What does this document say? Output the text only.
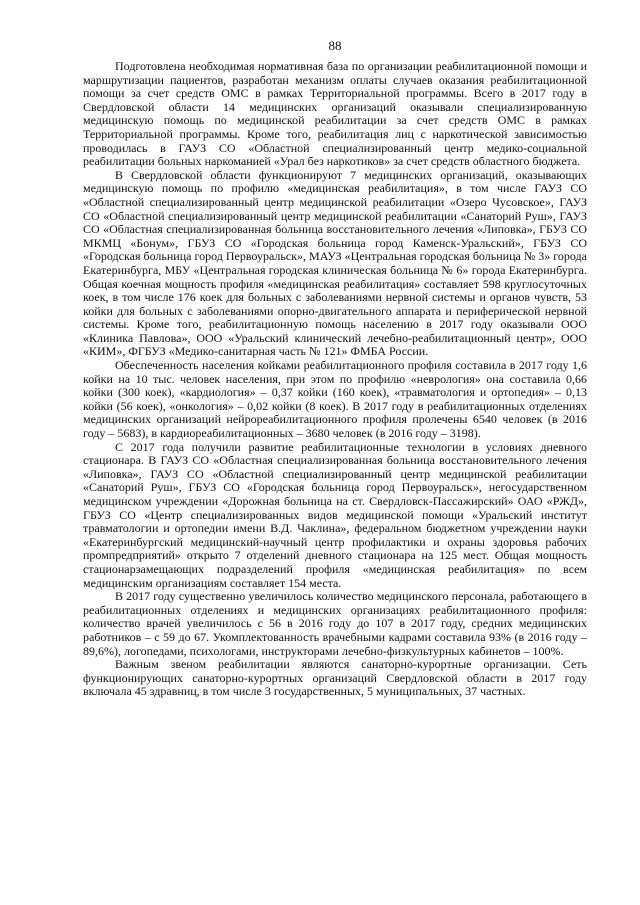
88

Подготовлена необходимая нормативная база по организации реабилитационной помощи и маршрутизации пациентов, разработан механизм оплаты случаев оказания реабилитационной помощи за счет средств ОМС в рамках Территориальной программы. Всего в 2017 году в Свердловской области 14 медицинских организаций оказывали специализированную медицинскую помощь по медицинской реабилитации за счет средств ОМС в рамках Территориальной программы. Кроме того, реабилитация лиц с наркотической зависимостью проводилась в ГАУЗ СО «Областной специализированный центр медико-социальной реабилитации больных наркоманией «Урал без наркотиков» за счет средств областного бюджета.

В Свердловской области функционируют 7 медицинских организаций, оказывающих медицинскую помощь по профилю «медицинская реабилитация», в том числе ГАУЗ СО «Областной специализированный центр медицинской реабилитации «Озеро Чусовское», ГАУЗ СО «Областной специализированный центр медицинской реабилитации «Санаторий Руш», ГАУЗ СО «Областная специализированная больница восстановительного лечения «Липовка», ГБУЗ СО МКМЦ «Бонум», ГБУЗ СО «Городская больница город Каменск-Уральский», ГБУЗ СО «Городская больница город Первоуральск», МАУЗ «Центральная городская больница № 3» города Екатеринбурга, МБУ «Центральная городская клиническая больница № 6» города Екатеринбурга. Общая коечная мощность профиля «медицинская реабилитация» составляет 598 круглосуточных коек, в том числе 176 коек для больных с заболеваниями нервной системы и органов чувств, 53 койки для больных с заболеваниями опорно-двигательного аппарата и периферической нервной системы. Кроме того, реабилитационную помощь населению в 2017 году оказывали ООО «Клиника Павлова», ООО «Уральский клинический лечебно-реабилитационный центр», ООО «КИМ», ФГБУЗ «Медико-санитарная часть № 121» ФМБА России.

Обеспеченность населения койками реабилитационного профиля составила в 2017 году 1,6 койки на 10 тыс. человек населения, при этом по профилю «неврология» она составила 0,66 койки (300 коек), «кардиология» – 0,37 койки (160 коек), «травматология и ортопедия» – 0,13 койки (56 коек), «онкология» – 0,02 койки (8 коек). В 2017 году в реабилитационных отделениях медицинских организаций нейрореабилитационного профиля пролечены 6540 человек (в 2016 году – 5683), в кардиореабилитационных – 3680 человек (в 2016 году – 3198).

С 2017 года получили развитие реабилитационные технологии в условиях дневного стационара. В ГАУЗ СО «Областная специализированная больница восстановительного лечения «Липовка», ГАУЗ СО «Областной специализированный центр медицинской реабилитации «Санаторий Руш», ГБУЗ СО «Городская больница город Первоуральск», негосударственном медицинском учреждении «Дорожная больница на ст. Свердловск-Пассажирский» ОАО «РЖД», ГБУЗ СО «Центр специализированных видов медицинской помощи «Уральский институт травматологии и ортопедии имени В.Д. Чаклина», федеральном бюджетном учреждении науки «Екатеринбургский медицинский-научный центр профилактики и охраны здоровья рабочих промпредприятий» открыто 7 отделений дневного стационара на 125 мест. Общая мощность стационарзамещающих подразделений профиля «медицинская реабилитация» по всем медицинским организациям составляет 154 места.

В 2017 году существенно увеличилось количество медицинского персонала, работающего в реабилитационных отделениях и медицинских организациях реабилитационного профиля: количество врачей увеличилось с 56 в 2016 году до 107 в 2017 году, средних медицинских работников – с 59 до 67. Укомплектованность врачебными кадрами составила 93% (в 2016 году – 89,6%), логопедами, психологами, инструкторами лечебно-физкультурных кабинетов – 100%.

Важным звеном реабилитации являются санаторно-курортные организации. Сеть функционирующих санаторно-курортных организаций Свердловской области в 2017 году включала 45 здравниц, в том числе 3 государственных, 5 муниципальных, 37 частных.
